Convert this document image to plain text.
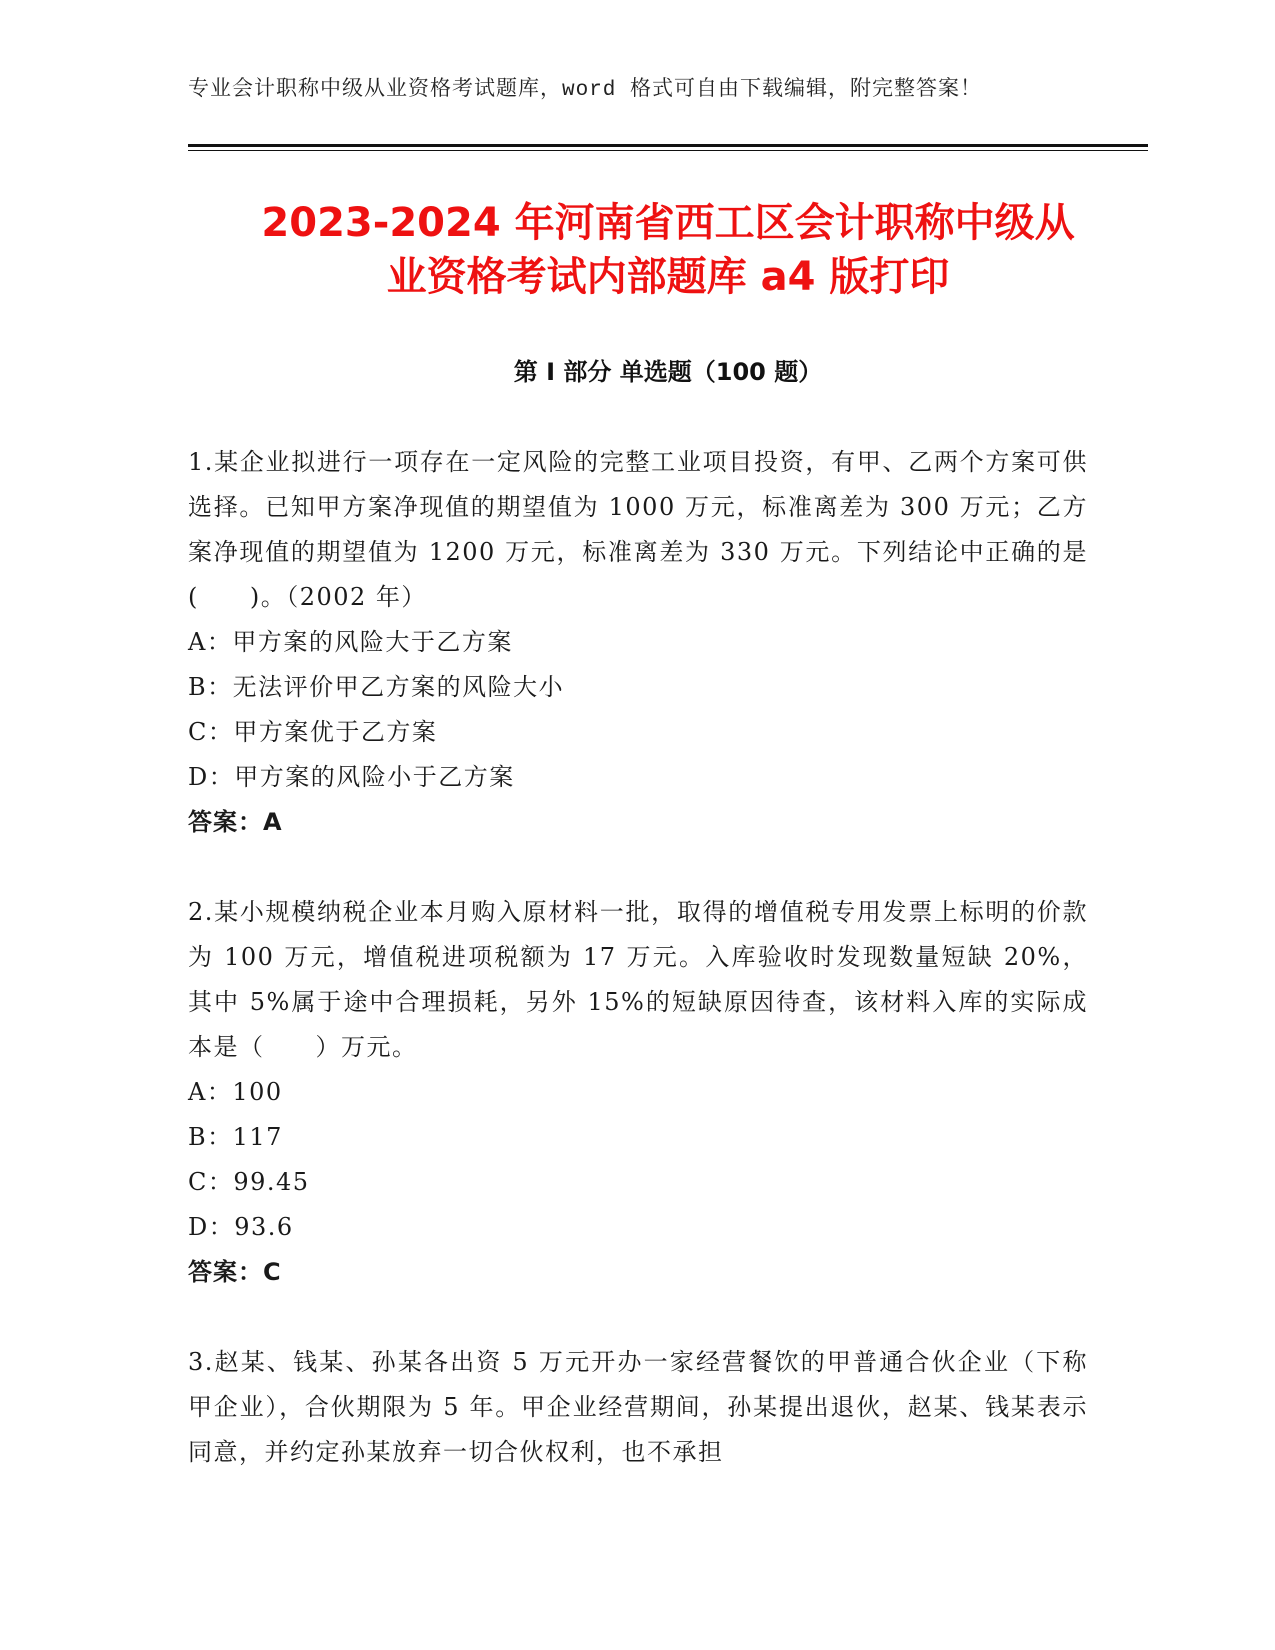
专业会计职称中级从业资格考试题库，word 格式可自由下载编辑，附完整答案！
2023-2024 年河南省西工区会计职称中级从
业资格考试内部题库 a4 版打印
第 I 部分 单选题（100 题）
1.某企业拟进行一项存在一定风险的完整工业项目投资，有甲、乙两个方案可供选择。已知甲方案净现值的期望值为 1000 万元，标准离差为 300 万元；乙方案净现值的期望值为 1200 万元，标准离差为 330 万元。下列结论中正确的是(　　)。（2002 年）
A：甲方案的风险大于乙方案
B：无法评价甲乙方案的风险大小
C：甲方案优于乙方案
D：甲方案的风险小于乙方案
答案：A
2.某小规模纳税企业本月购入原材料一批，取得的增值税专用发票上标明的价款为 100 万元，增值税进项税额为 17 万元。入库验收时发现数量短缺 20%，其中 5%属于途中合理损耗，另外 15%的短缺原因待查，该材料入库的实际成本是（　　）万元。
A：100
B：117
C：99.45
D：93.6
答案：C
3.赵某、钱某、孙某各出资 5 万元开办一家经营餐饮的甲普通合伙企业（下称甲企业），合伙期限为 5 年。甲企业经营期间，孙某提出退伙，赵某、钱某表示同意，并约定孙某放弃一切合伙权利，也不承担
